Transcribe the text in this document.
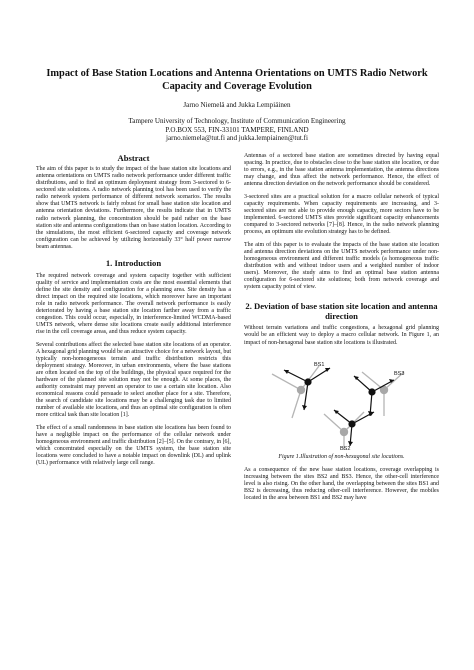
Impact of Base Station Locations and Antenna Orientations on UMTS Radio Network Capacity and Coverage Evolution
Jarno Niemelä and Jukka Lempiäinen
Tampere University of Technology, Institute of Communication Engineering
P.O.BOX 553, FIN-33101 TAMPERE, FINLAND
jarno.niemela@tut.fi and jukka.lempiainen@tut.fi
Abstract

The aim of this paper is to study the impact of the base station site locations and antenna orientations on UMTS radio network performance under different traffic distributions, and to find an optimum deployment strategy from 3-sectored to 6-sectored site solutions. A radio network planning tool has been used to verify the radio network system performance of different network scenarios. The results show that UMTS network is fairly robust for small base station site location and antenna orientation deviations. Furthermore, the results indicate that in UMTS radio network planning, the concentration should be paid rather on the base station site and antenna configurations than on base station location. According to the simulations, the most efficient 6-sectored capacity and coverage network configuration can be achieved by utilizing horizontally 33° half power narrow beam antennas.

1. Introduction

The required network coverage and system capacity together with sufficient quality of service and implementation costs are the most essential elements that define the site density and configuration for a planning area. Site density has a direct impact on the required site locations, which moreover have an important role in radio network performance. The overall network performance is easily deteriorated by having a base station site location farther away from a traffic congestion. This could occur, especially, in interference-limited WCDMA-based UMTS network, where dense site locations create easily additional interference rise in the cell coverage areas, and thus reduce system capacity.

Several contributions affect the selected base station site locations of an operator. A hexagonal grid planning would be an attractive choice for a network layout, but typically non-homogeneous terrain and traffic distribution restricts this deployment strategy. Moreover, in urban environments, where the base stations are often located on the top of the buildings, the physical space required for the hardware of the planned site solution may not be enough. At some places, the authority constraint may prevent an operator to use a certain site location. Also economical reasons could persuade to select another place for a site. Therefore, the search of candidate site locations may be a challenging task due to limited number of available site locations, and thus an optimal site configuration is often more critical task than site location [1].

The effect of a small randomness in base station site locations has been found to have a negligible impact on the performance of the cellular network under homogeneous environment and traffic distribution [2]–[5]. On the contrary, in [6], which concentrated especially on the UMTS system, the base station site locations were concluded to have a notable impact on downlink (DL) and uplink (UL) performance with relatively large cell range.

Antennas of a sectored base station are sometimes directed by having equal spacing. In practice, due to obstacles close to the base station site location, or due to errors, e.g., in the base station antenna implementation, the antenna directions may change, and thus affect the network performance. Hence, the effect of antenna direction deviation on the network performance should be considered.

3-sectored sites are a practical solution for a macro cellular network of typical capacity requirements. When capacity requirements are increasing, and 3-sectored sites are not able to provide enough capacity, more sectors have to be implemented. 6-sectored UMTS sites provide significant capacity enhancements compared to 3-sectored networks [7]–[8]. Hence, in the radio network planning process, an optimum site evolution strategy has to be defined.

The aim of this paper is to evaluate the impacts of the base station site location and antenna direction deviations on the UMTS network performance under non-homogeneous environment and different traffic models (a homogeneous traffic distribution with and without indoor users and a weighted number of indoor users). Moreover, the study aims to find an optimal base station antenna configuration for 6-sectored site solutions; both from network coverage and system capacity point of view.

2. Deviation of base station site location and antenna direction

Without terrain variations and traffic congestions, a hexagonal grid planning would be an efficient way to deploy a macro cellular network. In Figure 1, an impact of non-hexagonal base station site locations is illustrated.

BS1
BS3
BS2
Figure 1.Illustration of non-hexagonal site locations.

As a consequence of the new base station locations, coverage overlapping is increasing between the sites BS2 and BS3. Hence, the other-cell interference level is also rising. On the other hand, the overlapping between the sites BS1 and BS2 is decreasing, thus reducing other-cell interference. However, the mobiles located in the area between BS1 and BS2 may have
